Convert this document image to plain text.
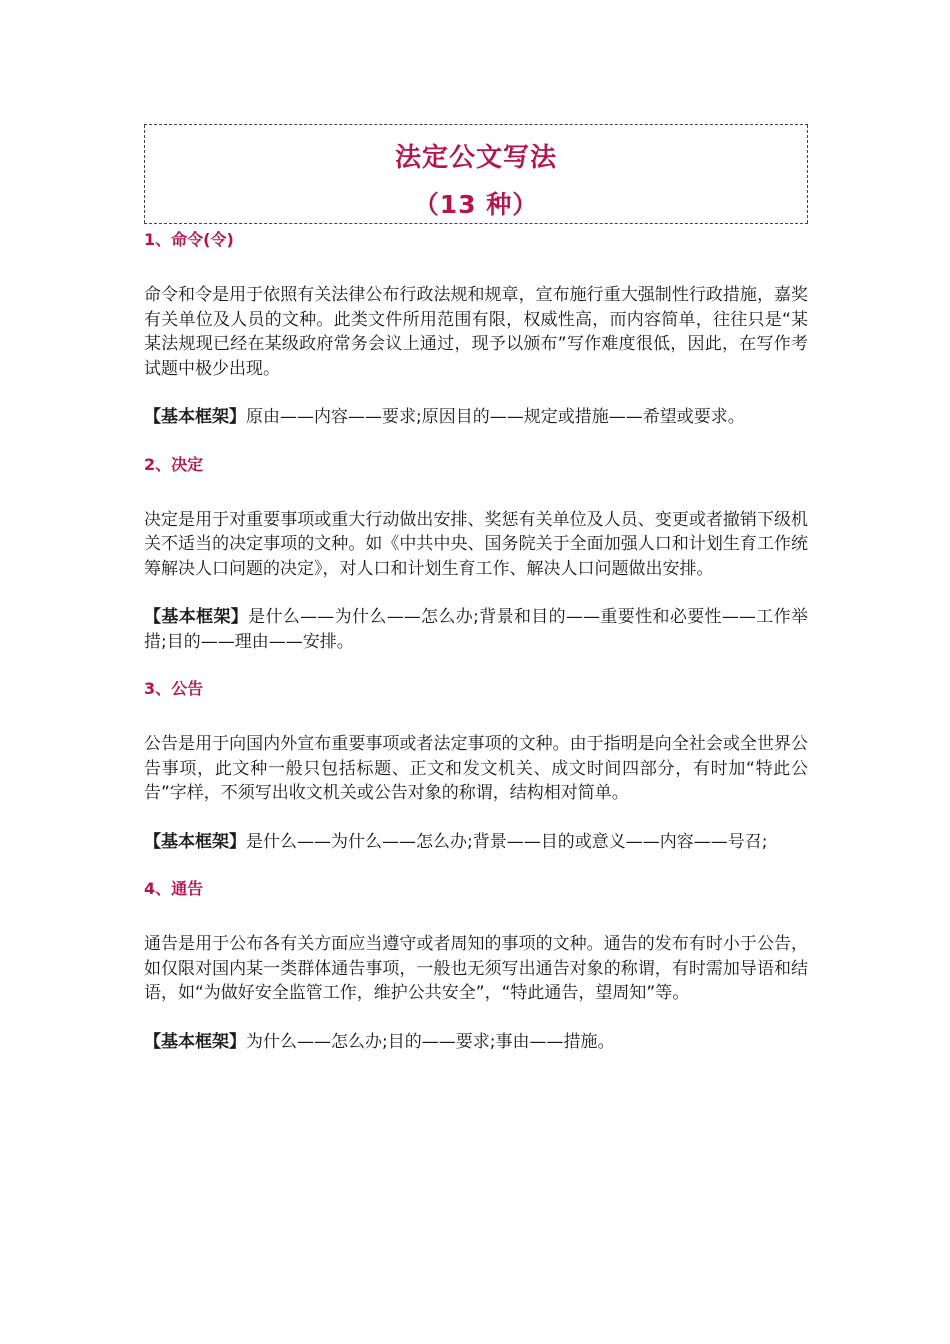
法定公文写法
（13 种）
1、命令(令)

命令和令是用于依照有关法律公布行政法规和规章，宣布施行重大强制性行政措施，嘉奖有关单位及人员的文种。此类文件所用范围有限，权威性高，而内容简单，往往只是“某某法规现已经在某级政府常务会议上通过，现予以颁布”写作难度很低，因此，在写作考试题中极少出现。

【基本框架】原由——内容——要求;原因目的——规定或措施——希望或要求。

2、决定

决定是用于对重要事项或重大行动做出安排、奖惩有关单位及人员、变更或者撤销下级机关不适当的决定事项的文种。如《中共中央、国务院关于全面加强人口和计划生育工作统筹解决人口问题的决定》，对人口和计划生育工作、解决人口问题做出安排。

【基本框架】是什么——为什么——怎么办;背景和目的——重要性和必要性——工作举措;目的——理由——安排。

3、公告

公告是用于向国内外宣布重要事项或者法定事项的文种。由于指明是向全社会或全世界公告事项，此文种一般只包括标题、正文和发文机关、成文时间四部分，有时加“特此公告”字样，不须写出收文机关或公告对象的称谓，结构相对简单。

【基本框架】是什么——为什么——怎么办;背景——目的或意义——内容——号召;

4、通告

通告是用于公布各有关方面应当遵守或者周知的事项的文种。通告的发布有时小于公告，如仅限对国内某一类群体通告事项，一般也无须写出通告对象的称谓，有时需加导语和结语，如“为做好安全监管工作，维护公共安全”，“特此通告，望周知”等。

【基本框架】为什么——怎么办;目的——要求;事由——措施。
